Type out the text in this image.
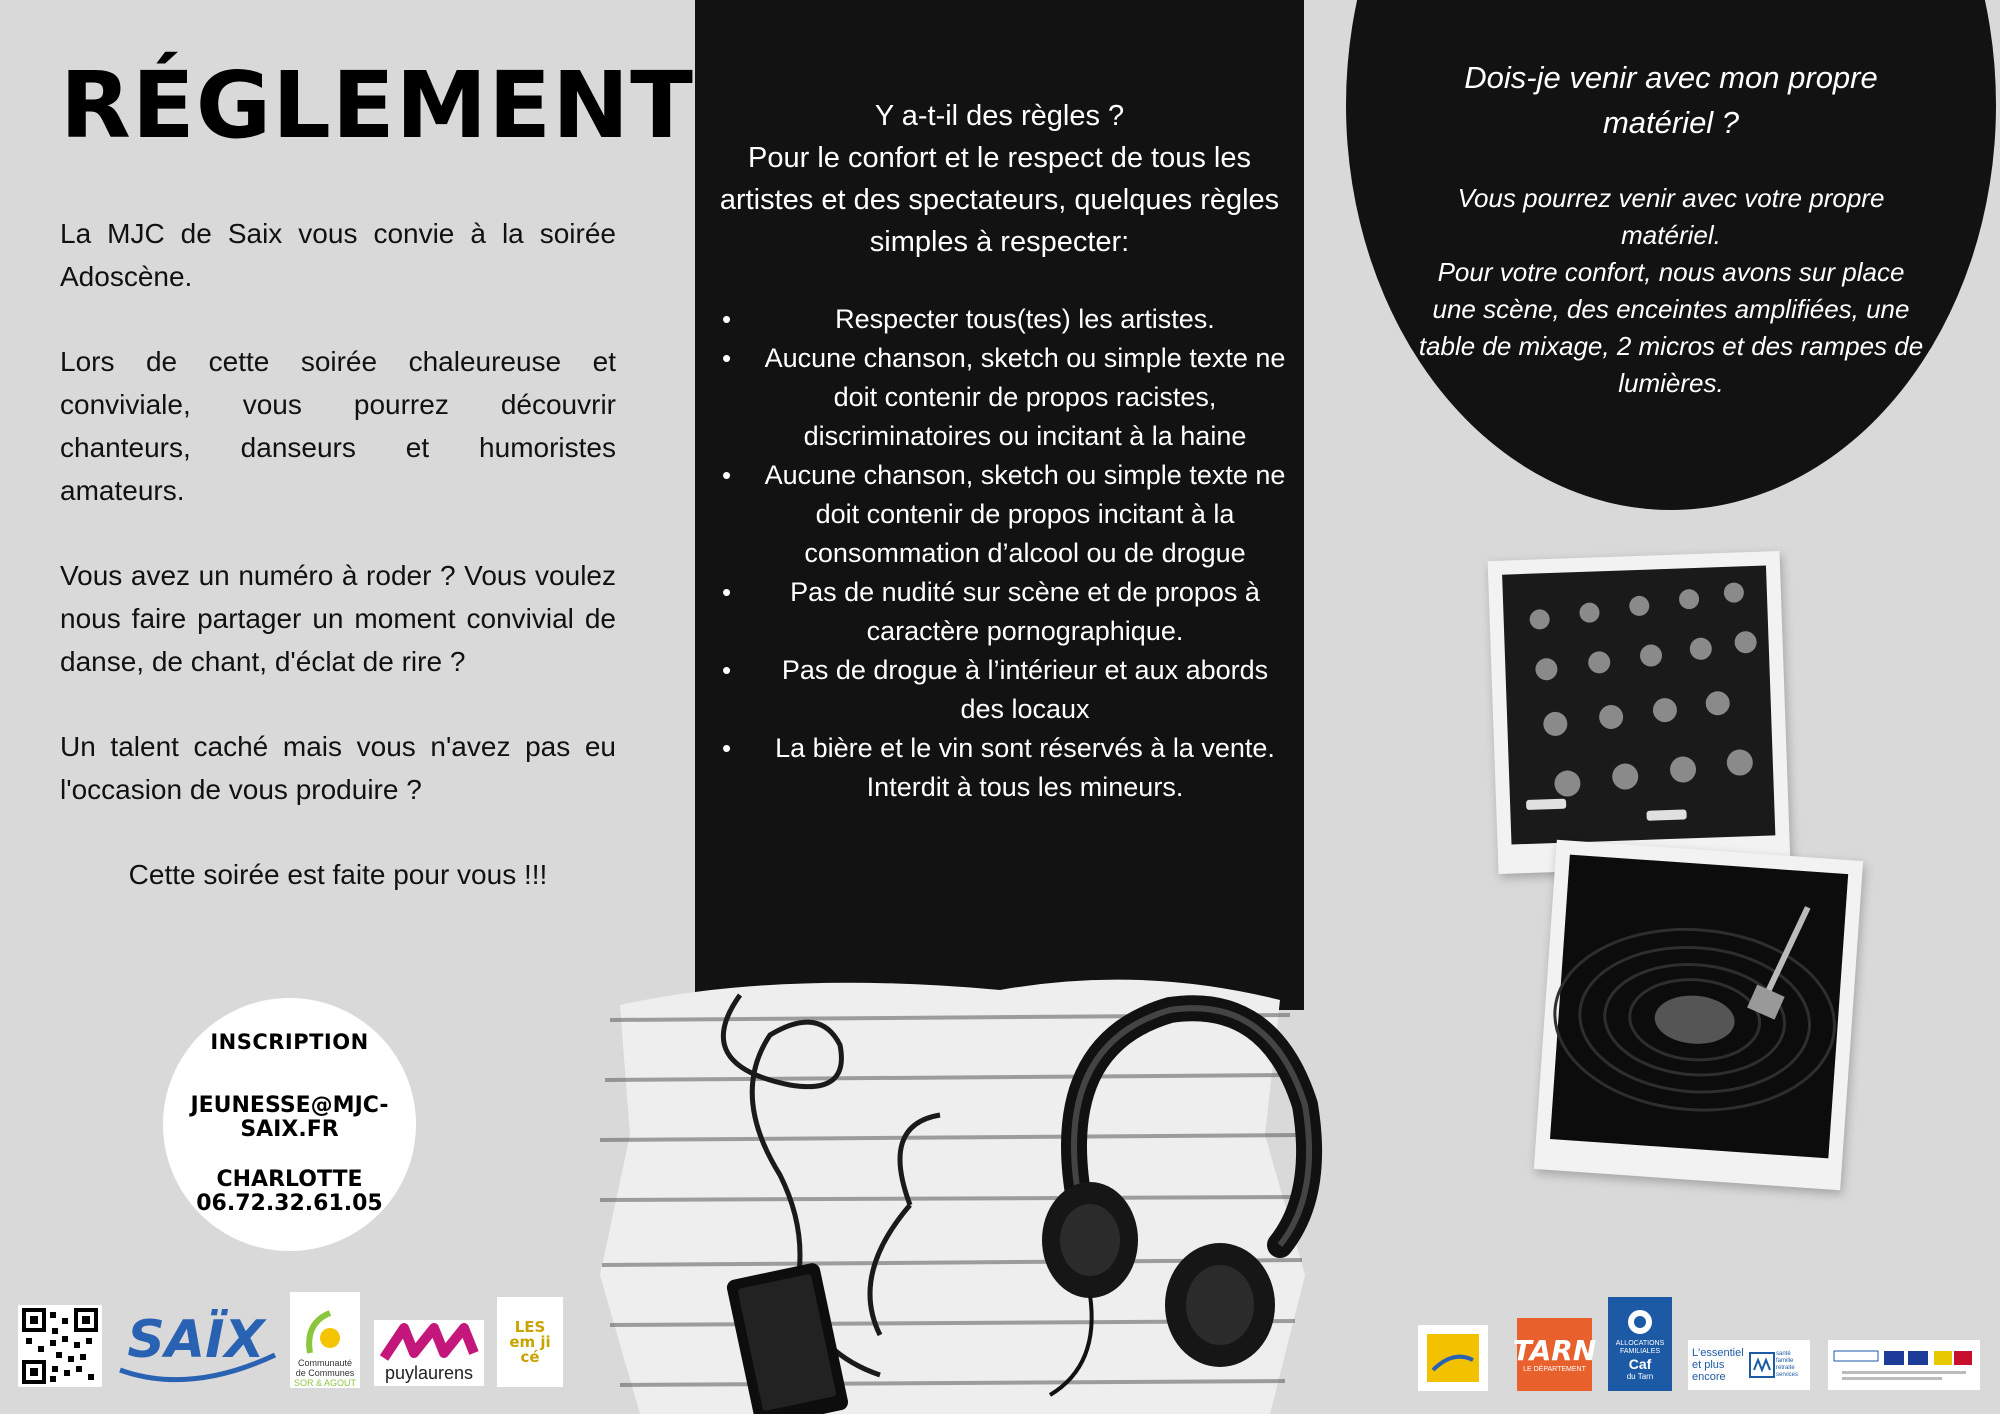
RÉGLEMENT

La MJC de Saix vous convie à la soirée Adoscène.

Lors de cette soirée chaleureuse et conviviale, vous pourrez découvrir chanteurs, danseurs et humoristes amateurs.

Vous avez un numéro à roder ? Vous voulez nous faire partager un moment convivial de danse, de chant, d'éclat de rire ?

Un talent caché mais vous n'avez pas eu l'occasion de vous produire ?

Cette soirée est faite pour vous !!!

INSCRIPTION
JEUNESSE@MJC-SAIX.FR
CHARLOTTE
06.72.32.61.05
Y a-t-il des règles ?
Pour le confort et le respect de tous les artistes et des spectateurs, quelques règles simples à respecter:
• Respecter tous(tes) les artistes.
• Aucune chanson, sketch ou simple texte ne doit contenir de propos racistes, discriminatoires ou incitant à la haine
• Aucune chanson, sketch ou simple texte ne doit contenir de propos incitant à la consommation d’alcool ou de drogue
• Pas de nudité sur scène et de propos à caractère pornographique.
• Pas de drogue à l’intérieur et aux abords des locaux
• La bière et le vin sont réservés à la vente. Interdit à tous les mineurs.
Dois-je venir avec mon propre matériel ?
Vous pourrez venir avec votre propre matériel.
Pour votre confort, nous avons sur place une scène, des enceintes amplifiées, une table de mixage, 2 micros et des rampes de lumières.
SAÏX	Communauté
de Communes
SOR & AGOUT
puylaurens
LES em ji cé	TARN
LE DÉPARTEMENT
ALLOCATIONS FAMILIALES
Caf
du Tarn
L'essentiel et plus encore
santé famille retraite services
